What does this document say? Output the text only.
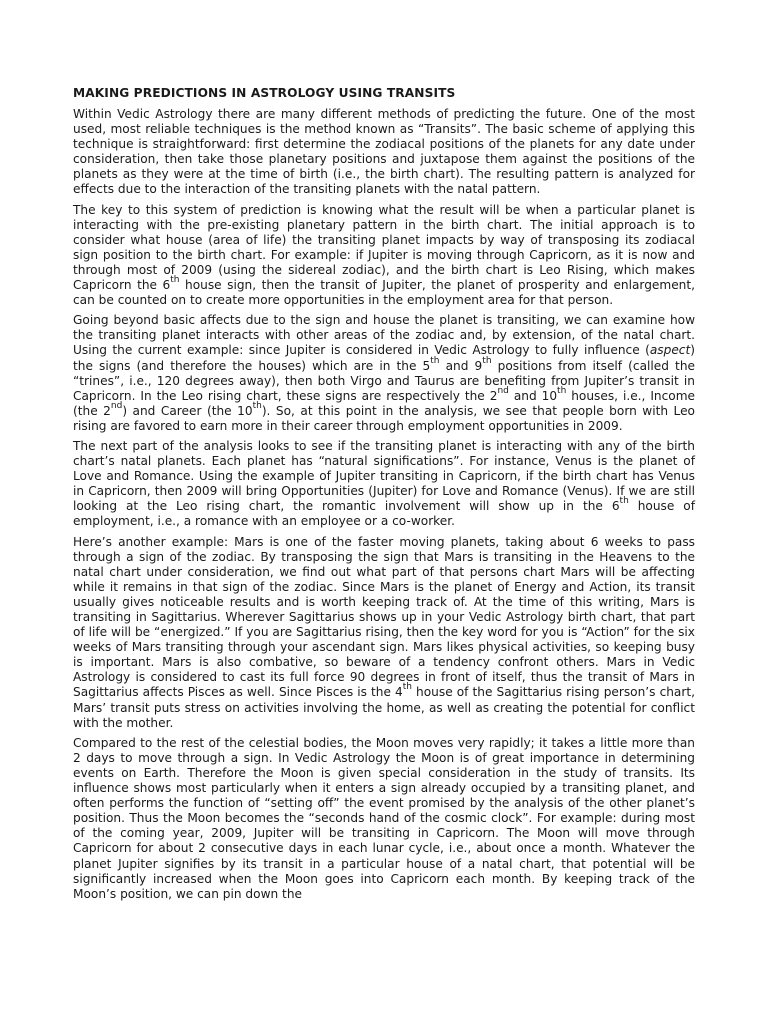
MAKING PREDICTIONS IN ASTROLOGY USING TRANSITS

Within Vedic Astrology there are many different methods of predicting the future. One of the most used, most reliable techniques is the method known as “Transits”. The basic scheme of applying this technique is straightforward: first determine the zodiacal positions of the planets for any date under consideration, then take those planetary positions and juxtapose them against the positions of the planets as they were at the time of birth (i.e., the birth chart). The resulting pattern is analyzed for effects due to the interaction of the transiting planets with the natal pattern.

The key to this system of prediction is knowing what the result will be when a particular planet is interacting with the pre-existing planetary pattern in the birth chart. The initial approach is to consider what house (area of life) the transiting planet impacts by way of transposing its zodiacal sign position to the birth chart. For example: if Jupiter is moving through Capricorn, as it is now and through most of 2009 (using the sidereal zodiac), and the birth chart is Leo Rising, which makes Capricorn the 6th house sign, then the transit of Jupiter, the planet of prosperity and enlargement, can be counted on to create more opportunities in the employment area for that person.

Going beyond basic affects due to the sign and house the planet is transiting, we can examine how the transiting planet interacts with other areas of the zodiac and, by extension, of the natal chart. Using the current example: since Jupiter is considered in Vedic Astrology to fully influence (aspect) the signs (and therefore the houses) which are in the 5th and 9th positions from itself (called the “trines”, i.e., 120 degrees away), then both Virgo and Taurus are benefiting from Jupiter’s transit in Capricorn. In the Leo rising chart, these signs are respectively the 2nd and 10th houses, i.e., Income (the 2nd) and Career (the 10th). So, at this point in the analysis, we see that people born with Leo rising are favored to earn more in their career through employment opportunities in 2009.

The next part of the analysis looks to see if the transiting planet is interacting with any of the birth chart’s natal planets. Each planet has “natural significations”. For instance, Venus is the planet of Love and Romance. Using the example of Jupiter transiting in Capricorn, if the birth chart has Venus in Capricorn, then 2009 will bring Opportunities (Jupiter) for Love and Romance (Venus). If we are still looking at the Leo rising chart, the romantic involvement will show up in the 6th house of employment, i.e., a romance with an employee or a co-worker.

Here’s another example: Mars is one of the faster moving planets, taking about 6 weeks to pass through a sign of the zodiac. By transposing the sign that Mars is transiting in the Heavens to the natal chart under consideration, we find out what part of that persons chart Mars will be affecting while it remains in that sign of the zodiac. Since Mars is the planet of Energy and Action, its transit usually gives noticeable results and is worth keeping track of. At the time of this writing, Mars is transiting in Sagittarius. Wherever Sagittarius shows up in your Vedic Astrology birth chart, that part of life will be “energized.” If you are Sagittarius rising, then the key word for you is “Action” for the six weeks of Mars transiting through your ascendant sign. Mars likes physical activities, so keeping busy is important. Mars is also combative, so beware of a tendency confront others. Mars in Vedic Astrology is considered to cast its full force 90 degrees in front of itself, thus the transit of Mars in Sagittarius affects Pisces as well. Since Pisces is the 4th house of the Sagittarius rising person’s chart, Mars’ transit puts stress on activities involving the home, as well as creating the potential for conflict with the mother.

Compared to the rest of the celestial bodies, the Moon moves very rapidly; it takes a little more than 2 days to move through a sign. In Vedic Astrology the Moon is of great importance in determining events on Earth. Therefore the Moon is given special consideration in the study of transits. Its influence shows most particularly when it enters a sign already occupied by a transiting planet, and often performs the function of “setting off” the event promised by the analysis of the other planet’s position. Thus the Moon becomes the “seconds hand of the cosmic clock”. For example: during most of the coming year, 2009, Jupiter will be transiting in Capricorn. The Moon will move through Capricorn for about 2 consecutive days in each lunar cycle, i.e., about once a month. Whatever the planet Jupiter signifies by its transit in a particular house of a natal chart, that potential will be significantly increased when the Moon goes into Capricorn each month. By keeping track of the Moon’s position, we can pin down the
